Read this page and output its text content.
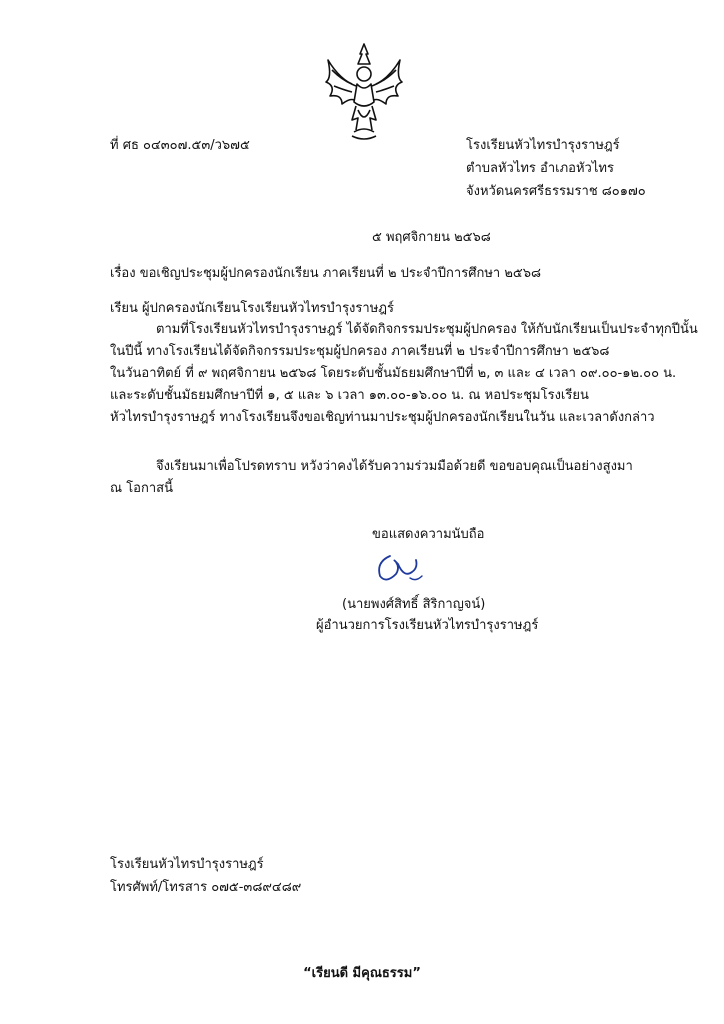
ที่ ศธ ๐๔๓๐๗.๕๓/ว๖๗๕	โรงเรียนหัวไทรบำรุงราษฎร์
ตำบลหัวไทร อำเภอหัวไทร
จังหวัดนครศรีธรรมราช ๘๐๑๗๐
๕ พฤศจิกายน ๒๕๖๘
เรื่อง ขอเชิญประชุมผู้ปกครองนักเรียน ภาคเรียนที่ ๒ ประจำปีการศึกษา ๒๕๖๘
เรียน ผู้ปกครองนักเรียนโรงเรียนหัวไทรบำรุงราษฎร์
ตามที่โรงเรียนหัวไทรบำรุงราษฎร์ ได้จัดกิจกรรมประชุมผู้ปกครอง ให้กับนักเรียนเป็นประจำทุกปีนั้น
ในปีนี้ ทางโรงเรียนได้จัดกิจกรรมประชุมผู้ปกครอง ภาคเรียนที่ ๒ ประจำปีการศึกษา ๒๕๖๘
ในวันอาทิตย์ ที่ ๙ พฤศจิกายน ๒๕๖๘ โดยระดับชั้นมัธยมศึกษาปีที่ ๒, ๓ และ ๔ เวลา ๐๙.๐๐-๑๒.๐๐ น.
และระดับชั้นมัธยมศึกษาปีที่ ๑, ๕ และ ๖ เวลา ๑๓.๐๐-๑๖.๐๐ น. ณ หอประชุมโรงเรียน
หัวไทรบำรุงราษฎร์ ทางโรงเรียนจึงขอเชิญท่านมาประชุมผู้ปกครองนักเรียนในวัน และเวลาดังกล่าว
จึงเรียนมาเพื่อโปรดทราบ หวังว่าคงได้รับความร่วมมือด้วยดี ขอขอบคุณเป็นอย่างสูงมา
ณ โอกาสนี้
ขอแสดงความนับถือ
(นายพงศ์สิทธิ์ สิริกาญจน์)
ผู้อำนวยการโรงเรียนหัวไทรบำรุงราษฎร์
โรงเรียนหัวไทรบำรุงราษฎร์
โทรศัพท์/โทรสาร ๐๗๕-๓๘๙๔๘๙
“เรียนดี มีคุณธรรม”
